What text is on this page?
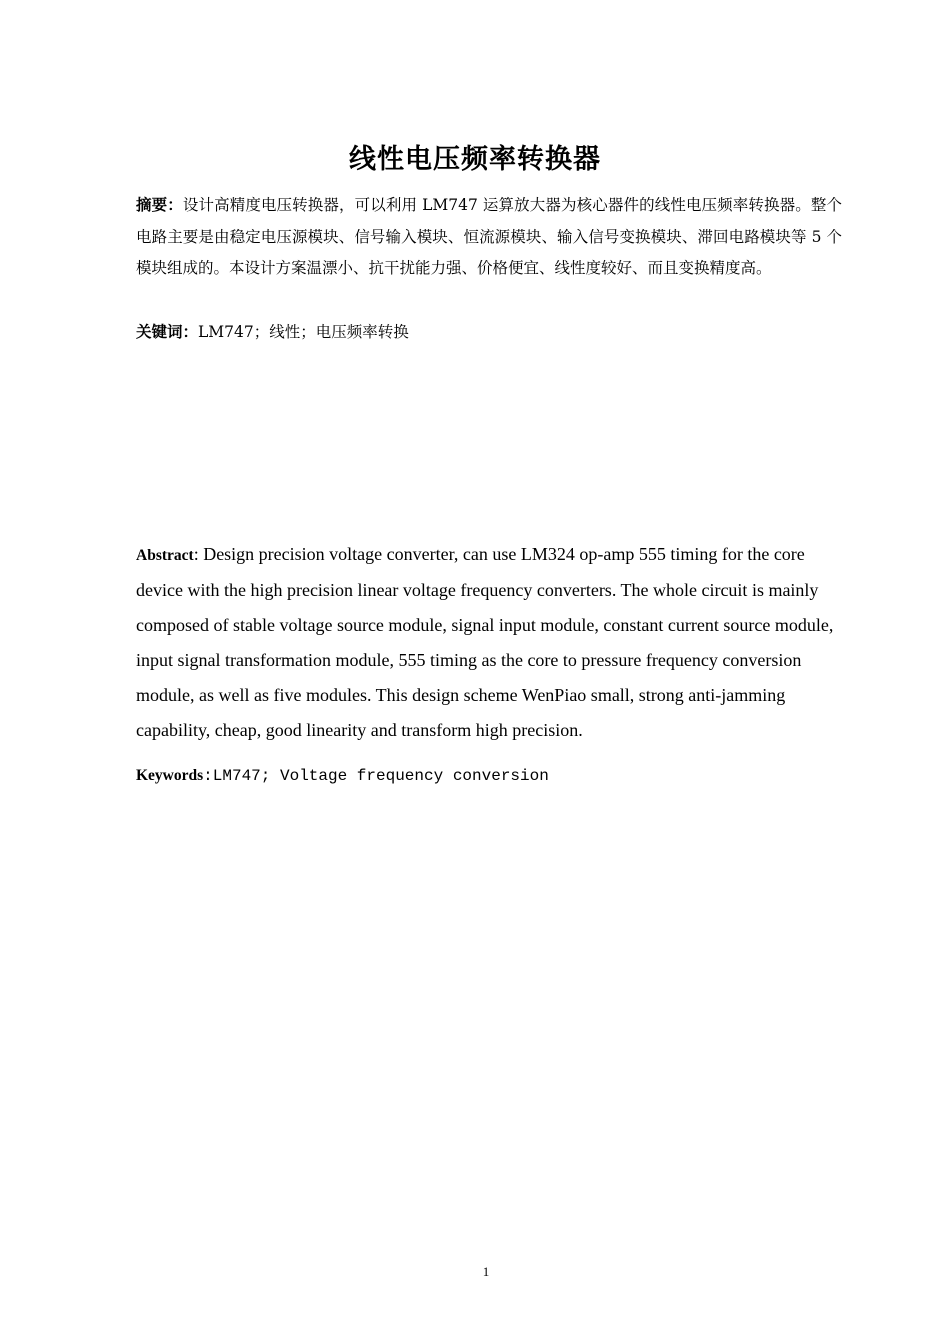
线性电压频率转换器

摘要：设计高精度电压转换器，可以利用 LM747 运算放大器为核心器件的线性电压频率转换器。整个电路主要是由稳定电压源模块、信号输入模块、恒流源模块、输入信号变换模块、滞回电路模块等 5 个模块组成的。本设计方案温漂小、抗干扰能力强、价格便宜、线性度较好、而且变换精度高。

关键词：LM747；线性；电压频率转换

Abstract: Design precision voltage converter, can use LM324 op-amp 555 timing for the core device with the high precision linear voltage frequency converters. The whole circuit is mainly composed of stable voltage source module, signal input module, constant current source module, input signal transformation module, 555 timing as the core to pressure frequency conversion module, as well as five modules. This design scheme WenPiao small, strong anti-jamming capability, cheap, good linearity and transform high precision.

Keywords:LM747; Voltage frequency conversion

1
